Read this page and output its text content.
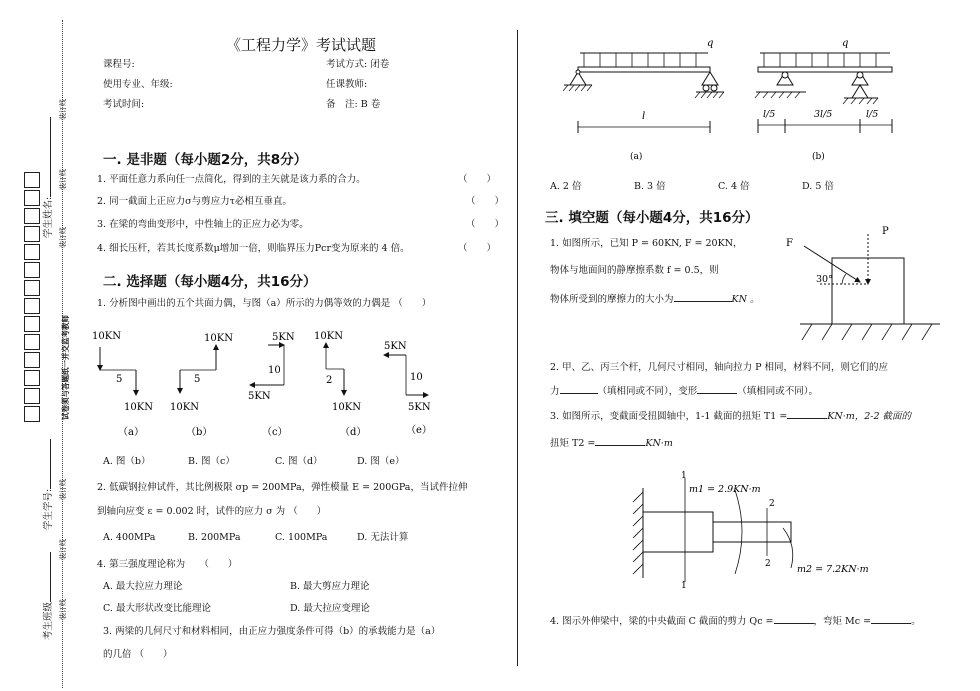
学生姓名:
学生学号:
考生班级
装订线
装订线
装订线
试卷须与答题纸一并交监考教师
装订线
装订线
装订线
《工程力学》考试试题
课程号:	考试方式: 闭卷
使用专业、年级:	任课教师:
考试时间:	备　注: B 卷
一. 是非题（每小题2分，共8分）
1. 平面任意力系向任一点简化，得到的主矢就是该力系的合力。	（　　）
2. 同一截面上正应力σ与剪应力τ必相互垂直。	（　　）
3. 在梁的弯曲变形中，中性轴上的正应力必为零。	（　　）
4. 细长压杆，若其长度系数μ增加一倍，则临界压力Pcr变为原来的 4 倍。	（　　）
二. 选择题（每小题4分，共16分）
1. 分析图中画出的五个共面力偶，与图（a）所示的力偶等效的力偶是 （　　）
10KN
5
10KN
（a）
10KN
5
10KN
（b）
5KN
10
5KN
（c）
10KN
2
10KN
（d）
5KN
10
5KN
（e）
A. 图（b）	B. 图（c）	C. 图（d）	D. 图（e）
2. 低碳钢拉伸试件，其比例极限 σp = 200MPa，弹性模量 E = 200GPa，当试件拉伸
到轴向应变 ε = 0.002 时，试件的应力 σ 为 （　　）
A. 400MPa	B. 200MPa	C. 100MPa	D. 无法计算
4. 第三强度理论称为　　（　　）
A. 最大拉应力理论	B. 最大剪应力理论
C. 最大形状改变比能理论	D. 最大拉应变理论
3. 两梁的几何尺寸和材料相同，由正应力强度条件可得（b）的承载能力是（a）
的几倍 （　　）
q
l
(a)
q
l/5	3l/5	l/5
(b)
A. 2 倍	B. 3 倍	C. 4 倍	D. 5 倍
三. 填空题（每小题4分，共16分）
1. 如图所示，已知 P = 60KN, F = 20KN，
物体与地面间的静摩擦系数 f = 0.5，则
物体所受到的摩擦力的大小为	KN 。
P
F
30°
2. 甲、乙、丙三个杆，几何尺寸相同，轴向拉力 P 相同，材料不同，则它们的应
力	（填相同或不同），变形	（填相同或不同）。
3. 如图所示，变截面受扭圆轴中，1-1 截面的扭矩 T1 =	KN·m，2-2 截面的
扭矩 T2 =	KN·m
1
1
2
2
m1 = 2.9KN·m
m2 = 7.2KN·m
4. 图示外伸梁中，梁的中央截面 C 截面的剪力 Qc =	，弯矩 Mc =	。
